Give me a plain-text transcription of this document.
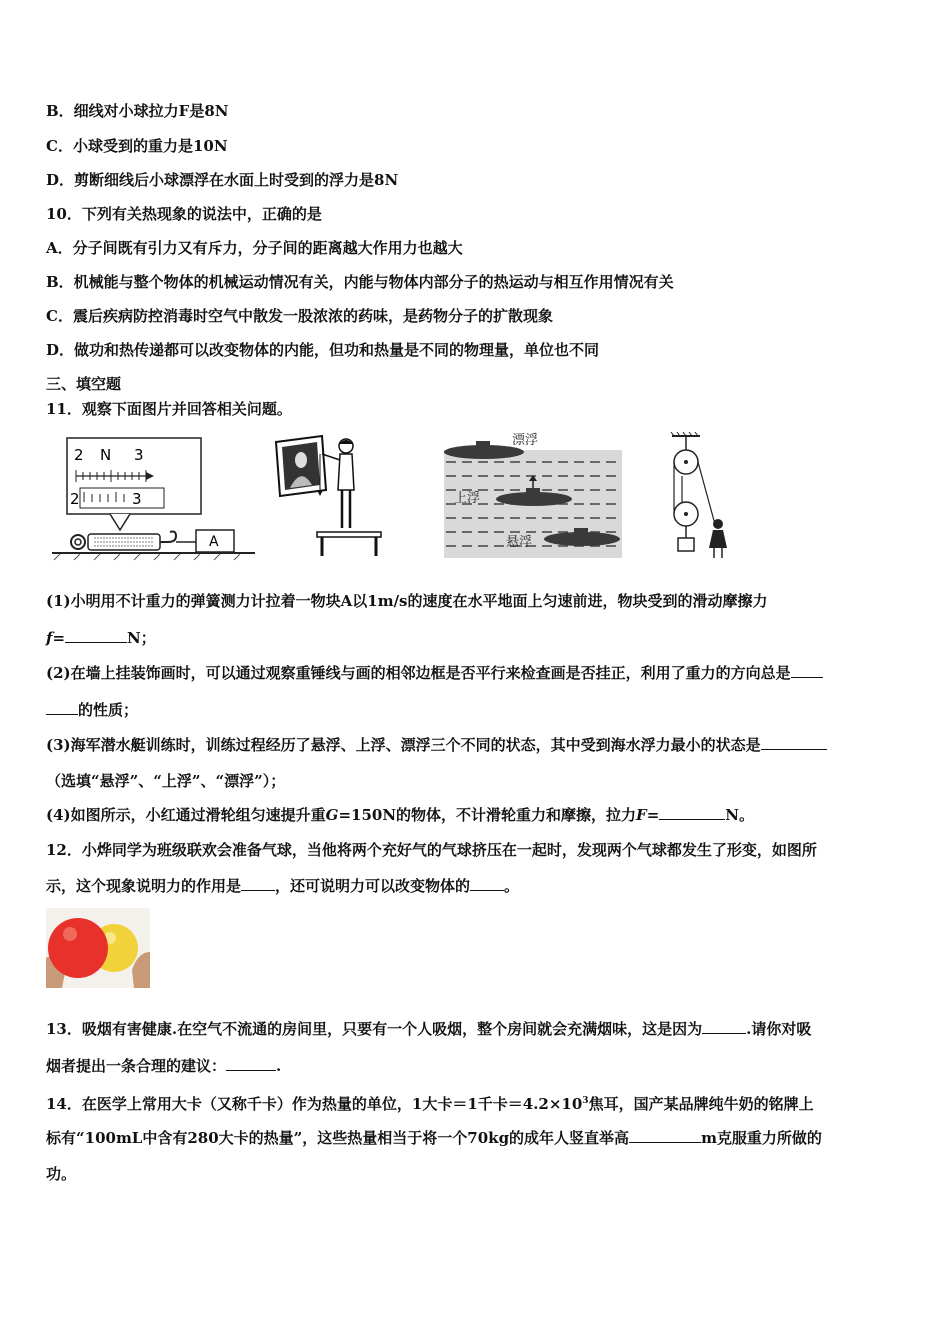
B．细线对小球拉力F是8N
C．小球受到的重力是10N
D．剪断细线后小球漂浮在水面上时受到的浮力是8N
10．下列有关热现象的说法中，正确的是
A．分子间既有引力又有斥力，分子间的距离越大作用力也越大
B．机械能与整个物体的机械运动情况有关，内能与物体内部分子的热运动与相互作用情况有关
C．震后疾病防控消毒时空气中散发一股浓浓的药味，是药物分子的扩散现象
D．做功和热传递都可以改变物体的内能，但功和热量是不同的物理量，单位也不同
三、填空题
11．观察下面图片并回答相关问题。
2 N 3
2	3
A
漂浮
上浮
悬浮
(1)小明用不计重力的弹簧测力计拉着一物块A以1m/s的速度在水平地面上匀速前进，物块受到的滑动摩擦力
f=	N；
(2)在墙上挂装饰画时，可以通过观察重锤线与画的相邻边框是否平行来检查画是否挂正，利用了重力的方向总是
的性质；
(3)海军潜水艇训练时，训练过程经历了悬浮、上浮、漂浮三个不同的状态，其中受到海水浮力最小的状态是
（选填“悬浮”、“上浮”、“漂浮”）；
(4)如图所示，小红通过滑轮组匀速提升重G=150N的物体，不计滑轮重力和摩擦，拉力F=	N。
12．小烨同学为班级联欢会准备气球，当他将两个充好气的气球挤压在一起时，发现两个气球都发生了形变，如图所
示，这个现象说明力的作用是 ，还可说明力可以改变物体的 。
13．吸烟有害健康.在空气不流通的房间里，只要有一个人吸烟，整个房间就会充满烟味，这是因为	.请你对吸
烟者提出一条合理的建议：	.
14．在医学上常用大卡（又称千卡）作为热量的单位，1大卡＝1千卡$=4.2\times 10^3$焦耳，国产某品牌纯牛奶的铭牌上
标有“100mL中含有280大卡的热量”，这些热量相当于将一个70kg的成年人竖直举高	m克服重力所做的
功。
